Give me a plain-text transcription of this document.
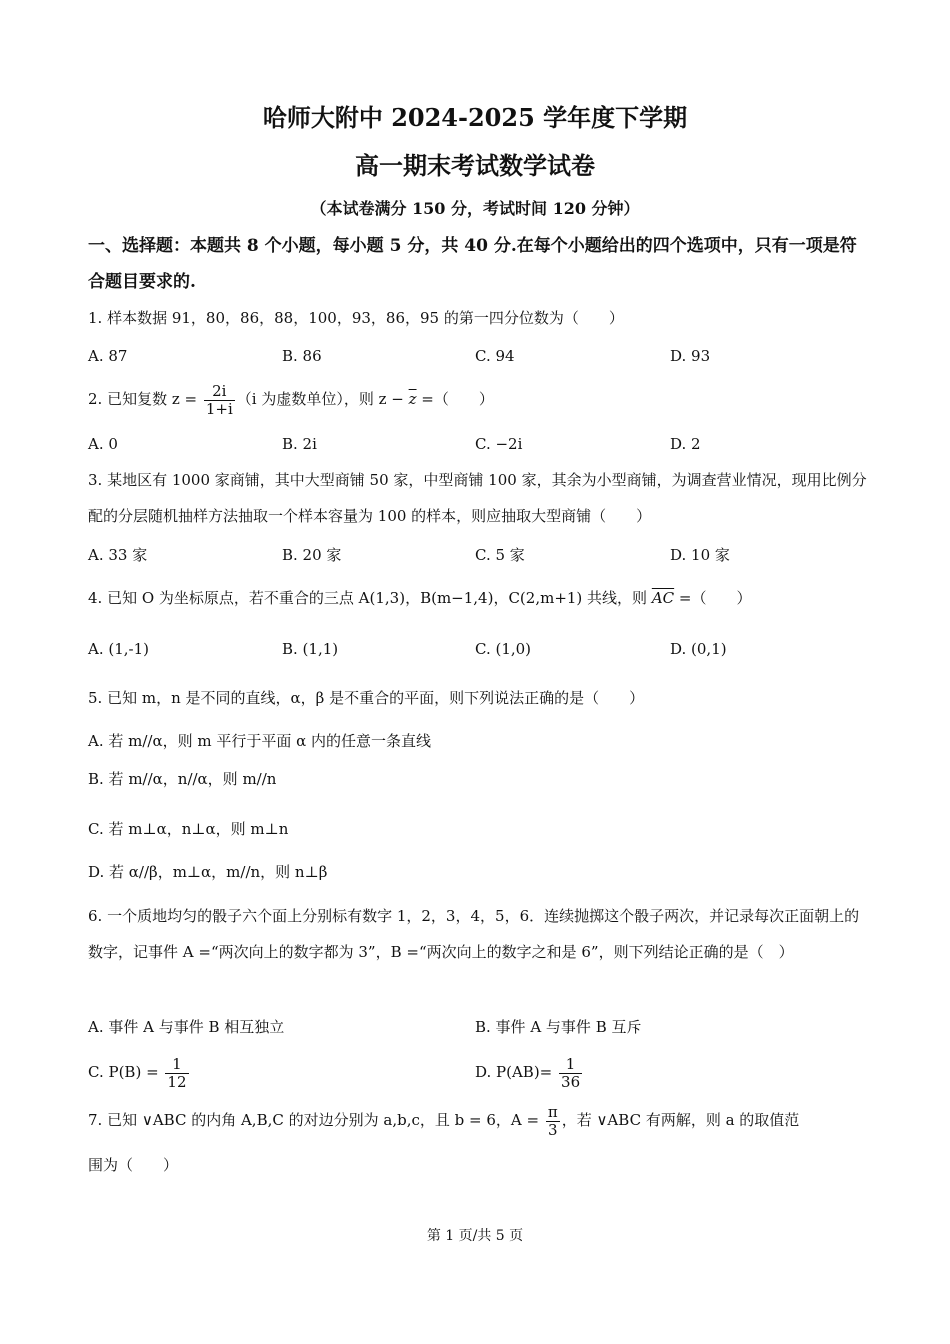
哈师大附中 2024-2025 学年度下学期
高一期末考试数学试卷
（本试卷满分 150 分，考试时间 120 分钟）
一、选择题：本题共 8 个小题，每小题 5 分，共 40 分.在每个小题给出的四个选项中，只有一项是符合题目要求的.
1. 样本数据 91，80，86，88，100，93，86，95 的第一四分位数为（　　）
A. 87	B. 86	C. 94	D. 93
2. 已知复数 $z = \frac{2i}{1+i} (i$ 为虚数单位），则 $z - \overline{z}$ =（　　）
A. 0	B. 2i	C. −2i	D. 2
3. 某地区有 1000 家商铺，其中大型商铺 50 家，中型商铺 100 家，其余为小型商铺，为调查营业情况，现用比例分配的分层随机抽样方法抽取一个样本容量为 100 的样本，则应抽取大型商铺（　　）
A. 33 家	B. 20 家	C. 5 家	D. 10 家
4. 已知 O 为坐标原点，若不重合的三点 A(1,3)，B(m−1,4)，C(2,m+1) 共线，则 $\overline{AC}$ =（　　）
A. (1,-1)	B. (1,1)	C. (1,0)	D. (0,1)
5. 已知 m，n 是不同的直线，α，β 是不重合的平面，则下列说法正确的是（　　）
A. 若 m//α，则 m 平行于平面 α 内的任意一条直线
B. 若 m//α，n//α，则 m//n
C. 若 m⊥α，n⊥α，则 m⊥n
D. 若 α//β，m⊥α，m//n，则 n⊥β
6. 一个质地均匀的骰子六个面上分别标有数字 1，2，3，4，5，6．连续抛掷这个骰子两次，并记录每次正面朝上的数字，记事件 A =“两次向上的数字都为 3”，B =“两次向上的数字之和是 6”，则下列结论正确的是（　）
A. 事件 A 与事件 B 相互独立	B. 事件 A 与事件 B 互斥
C. $P(B) = \frac{1}{12}$	D. $P(AB)= \frac{1}{36}$
7. 已知 ∨ABC 的内角 A,B,C 的对边分别为 a,b,c，且 b = 6，$A = \frac{\pi}{3}$ ，若 ∨ABC 有两解，则 a 的取值范
围为（　　）
第 1 页/共 5 页
